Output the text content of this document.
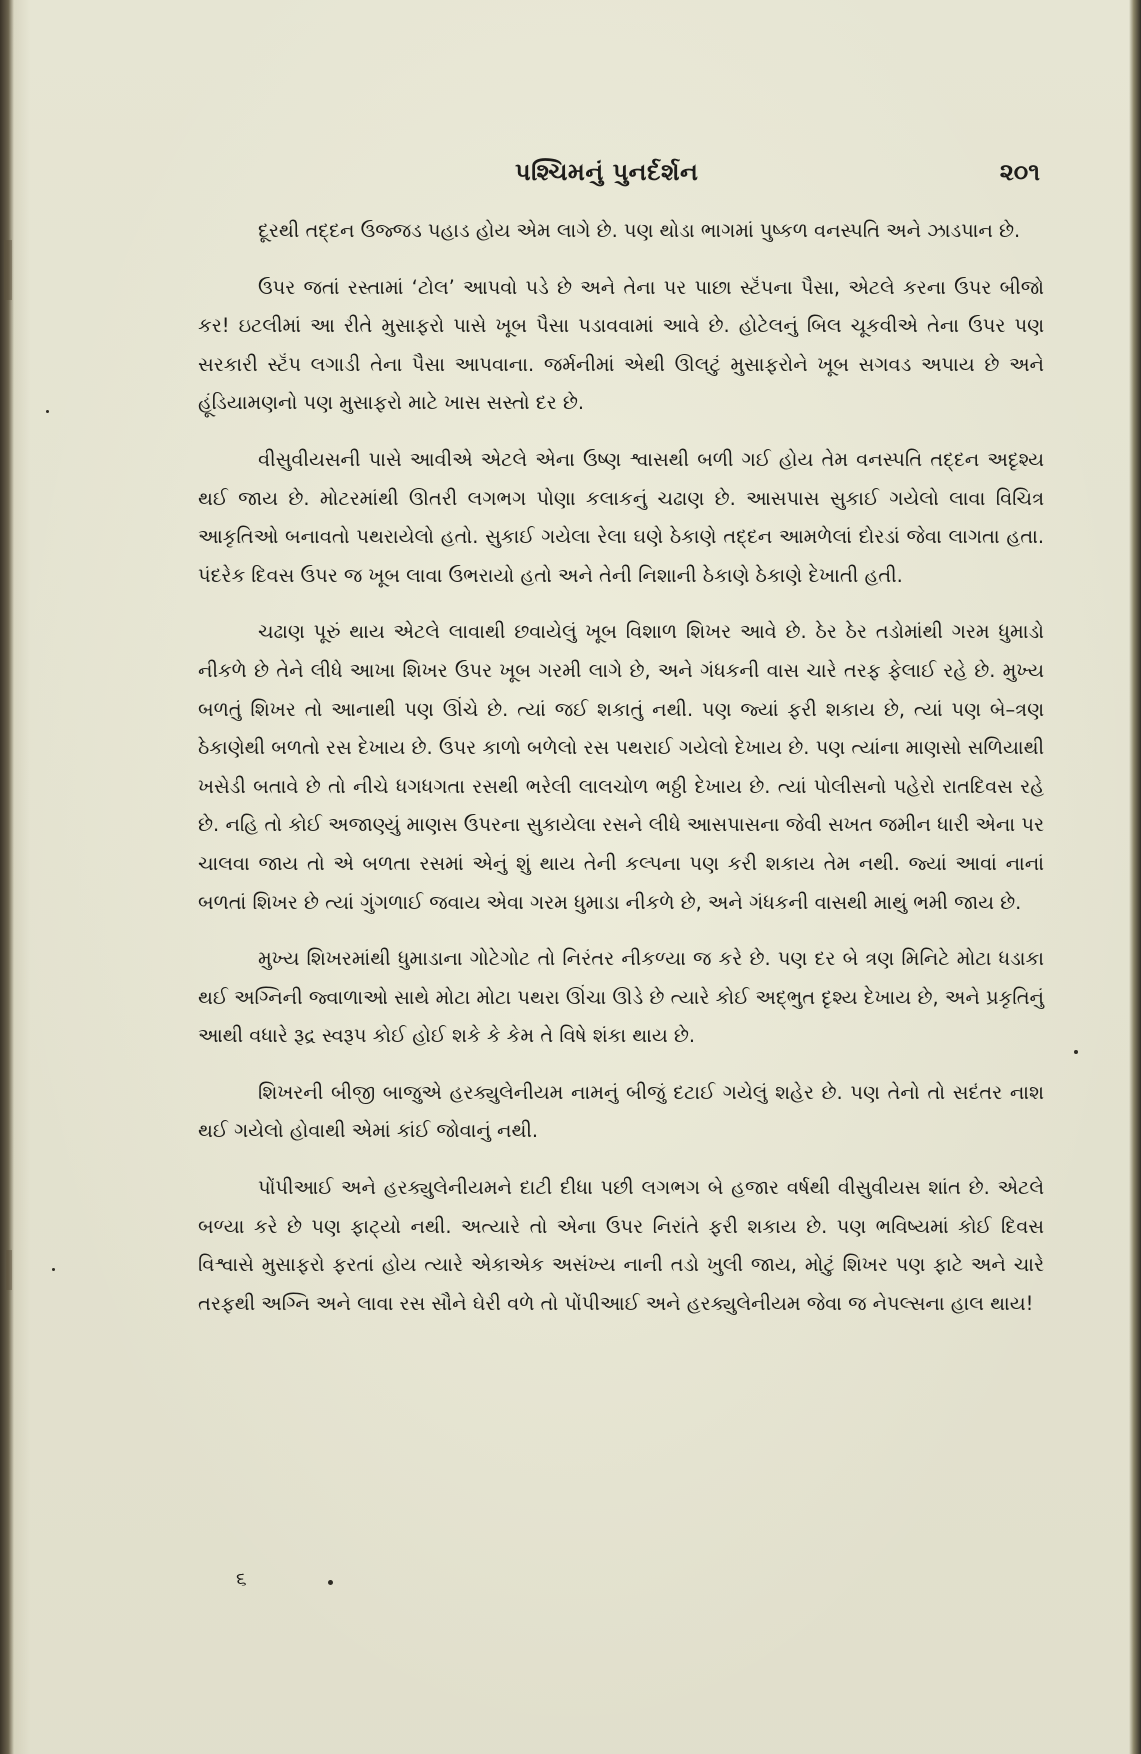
પશ્ચિમનું પુનર્દર્શન	૨૦૧

દૂરથી તદ્દન ઉજ્જડ પહાડ હોય એમ લાગે છે. પણ થોડા ભાગમાં પુષ્કળ વનસ્પતિ અને ઝાડપાન છે.

ઉપર જતાં રસ્તામાં ‘ટોલ’ આપવો પડે છે અને તેના પર પાછા સ્ટૅંપના પૈસા, એટલે કરના ઉપર બીજો કર! ઇટલીમાં આ રીતે મુસાફરો પાસે ખૂબ પૈસા પડાવવામાં આવે છે. હોટેલનું બિલ ચૂકવીએ તેના ઉપર પણ સરકારી સ્ટૅંપ લગાડી તેના પૈસા આપવાના. જર્મનીમાં એથી ઊલટું મુસાફરોને ખૂબ સગવડ અપાય છે અને હૂંડિયામણનો પણ મુસાફરો માટે ખાસ સસ્તો દર છે.

વીસુવીયસની પાસે આવીએ એટલે એના ઉષ્ણ શ્વાસથી બળી ગઈ હોય તેમ વનસ્પતિ તદ્દન અદૃશ્ય થઈ જાય છે. મોટરમાંથી ઊતરી લગભગ પોણા કલાકનું ચઢાણ છે. આસપાસ સુકાઈ ગયેલો લાવા વિચિત્ર આકૃતિઓ બનાવતો પથરાયેલો હતો. સુકાઈ ગયેલા રેલા ઘણે ઠેકાણે તદ્દન આમળેલાં દોરડાં જેવા લાગતા હતા. પંદરેક દિવસ ઉપર જ ખૂબ લાવા ઉભરાયો હતો અને તેની નિશાની ઠેકાણે ઠેકાણે દેખાતી હતી.

ચઢાણ પૂરું થાય એટલે લાવાથી છવાયેલું ખૂબ વિશાળ શિખર આવે છે. ઠેર ઠેર તડોમાંથી ગરમ ધુમાડો નીકળે છે તેને લીધે આખા શિખર ઉપર ખૂબ ગરમી લાગે છે, અને ગંધકની વાસ ચારે તરફ ફેલાઈ રહે છે. મુખ્ય બળતું શિખર તો આનાથી પણ ઊંચે છે. ત્યાં જઈ શકાતું નથી. પણ જ્યાં ફરી શકાય છે, ત્યાં પણ બે–ત્રણ ઠેકાણેથી બળતો રસ દેખાય છે. ઉપર કાળો બળેલો રસ પથરાઈ ગયેલો દેખાય છે. પણ ત્યાંના માણસો સળિયાથી ખસેડી બતાવે છે તો નીચે ધગધગતા રસથી ભરેલી લાલચોળ ભઠ્ઠી દેખાય છે. ત્યાં પોલીસનો પહેરો રાતદિવસ રહે છે. નહિ તો કોઈ અજાણ્યું માણસ ઉપરના સુકાયેલા રસને લીધે આસપાસના જેવી સખત જમીન ધારી એના પર ચાલવા જાય તો એ બળતા રસમાં એનું શું થાય તેની કલ્પના પણ કરી શકાય તેમ નથી. જ્યાં આવાં નાનાં બળતાં શિખર છે ત્યાં ગુંગળાઈ જવાય એવા ગરમ ધુમાડા નીકળે છે, અને ગંધકની વાસથી માથું ભમી જાય છે.

મુખ્ય શિખરમાંથી ધુમાડાના ગોટેગોટ તો નિરંતર નીકળ્યા જ કરે છે. પણ દર બે ત્રણ મિનિટે મોટા ધડાકા થઈ અગ્નિની જ્વાળાઓ સાથે મોટા મોટા પથરા ઊંચા ઊડે છે ત્યારે કોઈ અદ્ભુત દૃશ્ય દેખાય છે, અને પ્રકૃતિનું આથી વધારે રૂદ્ર સ્વરૂપ કોઈ હોઈ શકે કે કેમ તે વિષે શંકા થાય છે.

શિખરની બીજી બાજુએ હરક્યુલેનીયમ નામનું બીજું દટાઈ ગયેલું શહેર છે. પણ તેનો તો સદંતર નાશ થઈ ગયેલો હોવાથી એમાં કાંઈ જોવાનું નથી.

પોંપીઆઈ અને હરક્યુલેનીયમને દાટી દીધા પછી લગભગ બે હજાર વર્ષથી વીસુવીયસ શાંત છે. એટલે બળ્યા કરે છે પણ ફાટ્યો નથી. અત્યારે તો એના ઉપર નિરાંતે ફરી શકાય છે. પણ ભવિષ્યમાં કોઈ દિવસ વિશ્વાસે મુસાફરો ફરતાં હોય ત્યારે એકાએક અસંખ્ય નાની તડો ખુલી જાય, મોટું શિખર પણ ફાટે અને ચારે તરફથી અગ્નિ અને લાવા રસ સૌને ઘેરી વળે તો પોંપીઆઈ અને હરક્યુલેનીયમ જેવા જ નેપલ્સના હાલ થાય!

૬
